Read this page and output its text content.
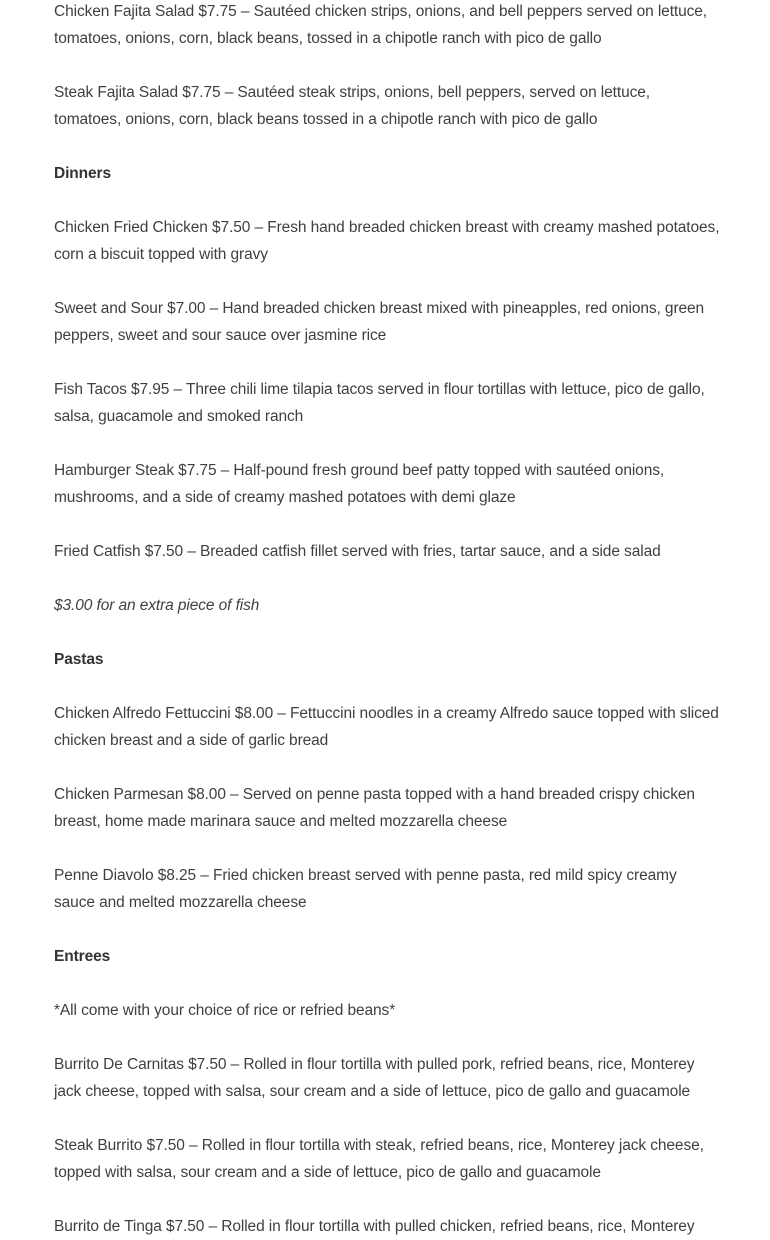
Chicken Fajita Salad $7.75 – Sautéed chicken strips, onions, and bell peppers served on lettuce, tomatoes, onions, corn, black beans, tossed in a chipotle ranch with pico de gallo

Steak Fajita Salad $7.75 – Sautéed steak strips, onions, bell peppers, served on lettuce, tomatoes, onions, corn, black beans tossed in a chipotle ranch with pico de gallo

Dinners

Chicken Fried Chicken $7.50 – Fresh hand breaded chicken breast with creamy mashed potatoes, corn a biscuit topped with gravy

Sweet and Sour $7.00 – Hand breaded chicken breast mixed with pineapples, red onions, green peppers, sweet and sour sauce over jasmine rice

Fish Tacos $7.95 – Three chili lime tilapia tacos served in flour tortillas with lettuce, pico de gallo, salsa, guacamole and smoked ranch

Hamburger Steak $7.75 – Half-pound fresh ground beef patty topped with sautéed onions, mushrooms, and a side of creamy mashed potatoes with demi glaze

Fried Catfish $7.50 – Breaded catfish fillet served with fries, tartar sauce, and a side salad

$3.00 for an extra piece of fish

Pastas

Chicken Alfredo Fettuccini $8.00 – Fettuccini noodles in a creamy Alfredo sauce topped with sliced chicken breast and a side of garlic bread

Chicken Parmesan $8.00 – Served on penne pasta topped with a hand breaded crispy chicken breast, home made marinara sauce and melted mozzarella cheese

Penne Diavolo $8.25 – Fried chicken breast served with penne pasta, red mild spicy creamy sauce and melted mozzarella cheese

Entrees

*All come with your choice of rice or refried beans*

Burrito De Carnitas $7.50 – Rolled in flour tortilla with pulled pork, refried beans, rice, Monterey jack cheese, topped with salsa, sour cream and a side of lettuce, pico de gallo and guacamole

Steak Burrito $7.50 – Rolled in flour tortilla with steak, refried beans, rice, Monterey jack cheese, topped with salsa, sour cream and a side of lettuce, pico de gallo and guacamole

Burrito de Tinga $7.50 – Rolled in flour tortilla with pulled chicken, refried beans, rice, Monterey
